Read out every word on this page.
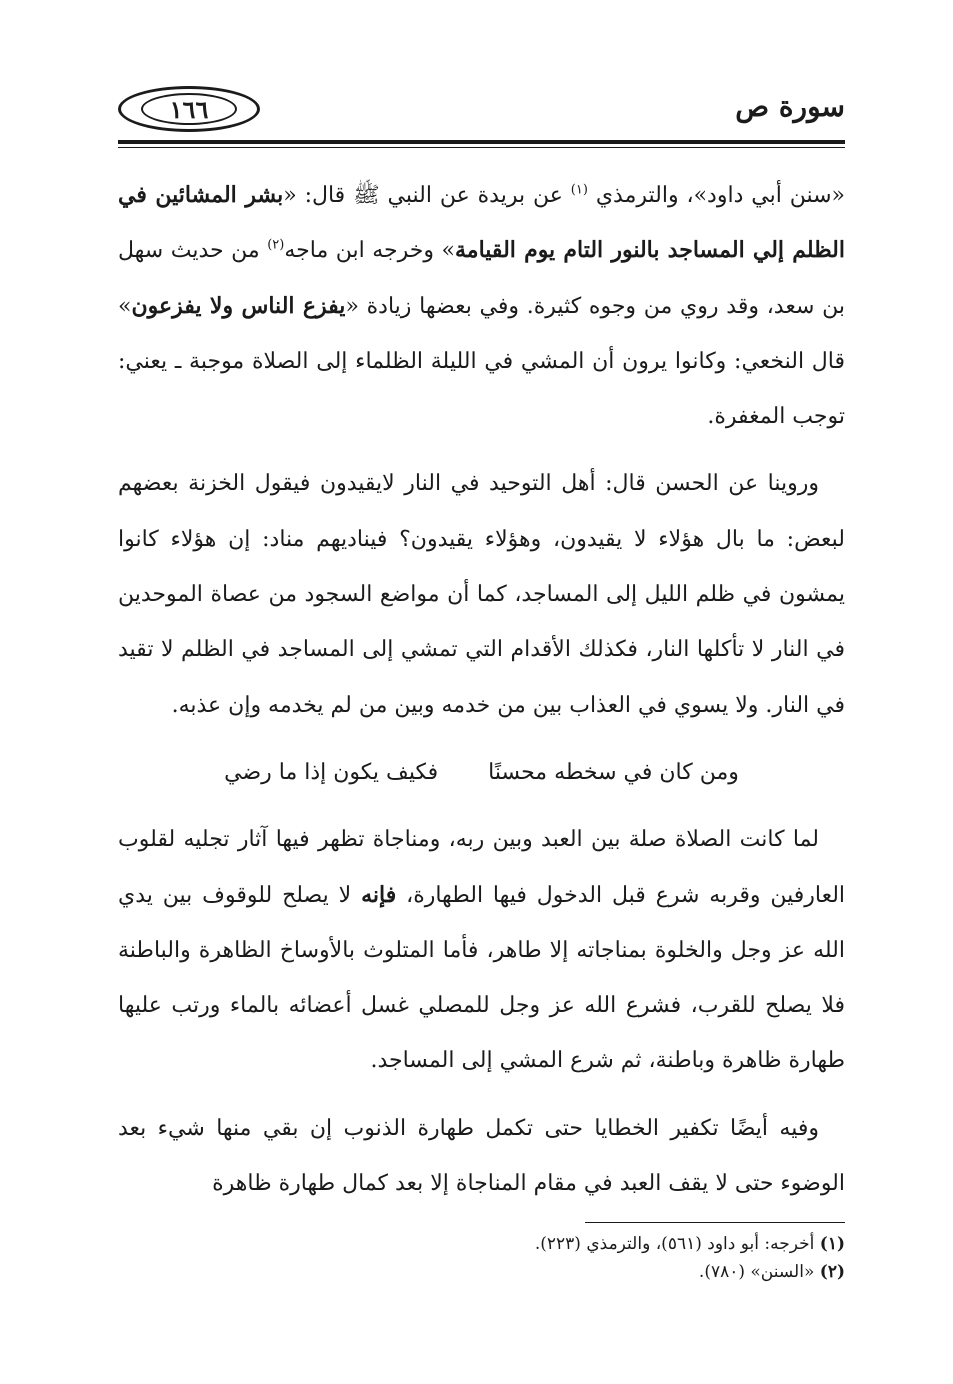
١٦٦	سورة ص

«سنن أبي داود»، والترمذي $^{(١)}$ عن بريدة عن النبي ﷺ قال: «بشر المشائين في الظلم إلي المساجد بالنور التام يوم القيامة» وخرجه ابن ماجه$^{(٢)}$ من حديث سهل بن سعد، وقد روي من وجوه كثيرة. وفي بعضها زيادة «يفزع الناس ولا يفزعون» قال النخعي: وكانوا يرون أن المشي في الليلة الظلماء إلى الصلاة موجبة ـ يعني: توجب المغفرة.

وروينا عن الحسن قال: أهل التوحيد في النار لايقيدون فيقول الخزنة بعضهم لبعض: ما بال هؤلاء لا يقيدون، وهؤلاء يقيدون؟ فيناديهم مناد: إن هؤلاء كانوا يمشون في ظلم الليل إلى المساجد، كما أن مواضع السجود من عصاة الموحدين في النار لا تأكلها النار، فكذلك الأقدام التي تمشي إلى المساجد في الظلم لا تقيد في النار. ولا يسوي في العذاب بين من خدمه وبين من لم يخدمه وإن عذبه.

ومن كان في سخطه محسنًا
فكيف يكون إذا ما رضي

لما كانت الصلاة صلة بين العبد وبين ربه، ومناجاة تظهر فيها آثار تجليه لقلوب العارفين وقربه شرع قبل الدخول فيها الطهارة، فإنه لا يصلح للوقوف بين يدي الله عز وجل والخلوة بمناجاته إلا طاهر، فأما المتلوث بالأوساخ الظاهرة والباطنة فلا يصلح للقرب، فشرع الله عز وجل للمصلي غسل أعضائه بالماء ورتب عليها طهارة ظاهرة وباطنة، ثم شرع المشي إلى المساجد.

وفيه أيضًا تكفير الخطايا حتى تكمل طهارة الذنوب إن بقي منها شيء بعد الوضوء حتى لا يقف العبد في مقام المناجاة إلا بعد كمال طهارة ظاهرة

(١) أخرجه: أبو داود (٥٦١)، والترمذي (٢٢٣).

(٢) «السنن» (٧٨٠).
